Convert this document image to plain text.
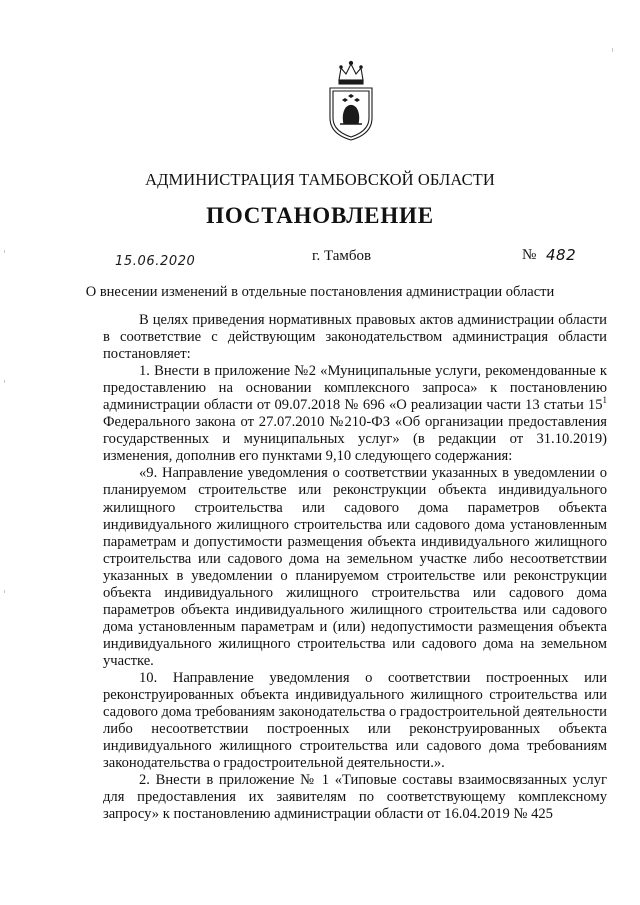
АДМИНИСТРАЦИЯ ТАМБОВСКОЙ ОБЛАСТИ
ПОСТАНОВЛЕНИЕ
15.06.2020	г. Тамбов	№ 482
О внесении изменений в отдельные постановления администрации области

В целях приведения нормативных правовых актов администрации области в соответствие с действующим законодательством администрация области постановляет:

1. Внести в приложение №2 «Муниципальные услуги, рекомендованные к предоставлению на основании комплексного запроса» к постановлению администрации области от 09.07.2018 № 696 «О реализации части 13 статьи $15^1$ Федерального закона от 27.07.2010 №210-ФЗ «Об организации предоставления государственных и муниципальных услуг» (в редакции от 31.10.2019) изменения, дополнив его пунктами 9,10 следующего содержания:

«9. Направление уведомления о соответствии указанных в уведомлении о планируемом строительстве или реконструкции объекта индивидуального жилищного строительства или садового дома параметров объекта индивидуального жилищного строительства или садового дома установленным параметрам и допустимости размещения объекта индивидуального жилищного строительства или садового дома на земельном участке либо несоответствии указанных в уведомлении о планируемом строительстве или реконструкции объекта индивидуального жилищного строительства или садового дома параметров объекта индивидуального жилищного строительства или садового дома установленным параметрам и (или) недопустимости размещения объекта индивидуального жилищного строительства или садового дома на земельном участке.

10. Направление уведомления о соответствии построенных или реконструированных объекта индивидуального жилищного строительства или садового дома требованиям законодательства о градостроительной деятельности либо несоответствии построенных или реконструированных объекта индивидуального жилищного строительства или садового дома требованиям законодательства о градостроительной деятельности.».

2. Внести в приложение № 1 «Типовые составы взаимосвязанных услуг для предоставления их заявителям по соответствующему комплексному запросу» к постановлению администрации области от 16.04.2019 № 425
